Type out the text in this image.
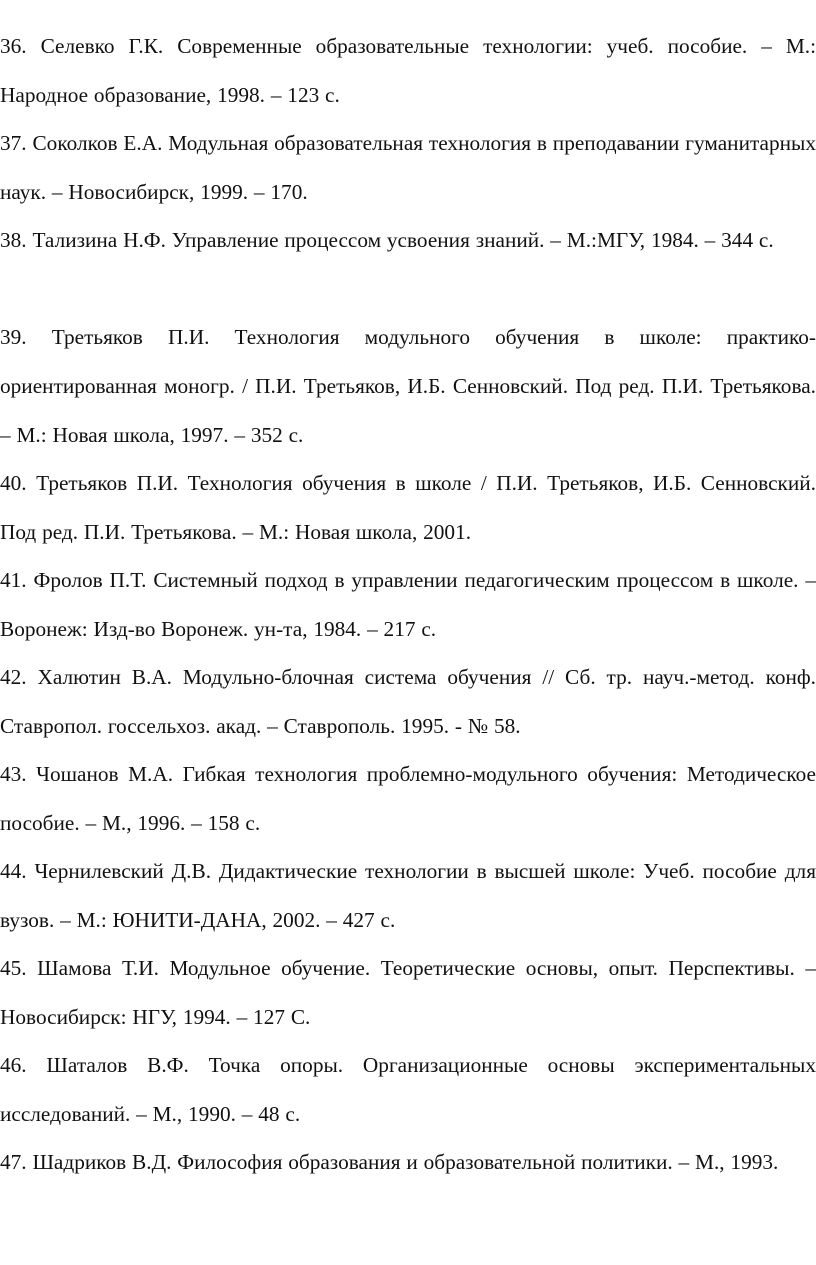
36. Селевко Г.К. Современные образовательные технологии: учеб. пособие. – М.: Народное образование, 1998. – 123 с.
37. Соколков Е.А. Модульная образовательная технология в преподавании гуманитарных наук. – Новосибирск, 1999. – 170.
38. Тализина Н.Ф. Управление процессом усвоения знаний. – М.:МГУ, 1984. – 344 с.
39. Третьяков П.И. Технология модульного обучения в школе: практико-ориентированная моногр. / П.И. Третьяков, И.Б. Сенновский. Под ред. П.И. Третьякова. – М.: Новая школа, 1997. – 352 с.
40. Третьяков П.И. Технология обучения в школе / П.И. Третьяков, И.Б. Сенновский. Под ред. П.И. Третьякова. – М.: Новая школа, 2001.
41. Фролов П.Т. Системный подход в управлении педагогическим процессом в школе. – Воронеж: Изд-во Воронеж. ун-та, 1984. – 217 с.
42. Халютин В.А. Модульно-блочная система обучения // Сб. тр. науч.-метод. конф. Ставропол. госсельхоз. акад. – Ставрополь. 1995. - № 58.
43. Чошанов М.А. Гибкая технология проблемно-модульного обучения: Методическое пособие. – М., 1996. – 158 с.
44. Чернилевский Д.В. Дидактические технологии в высшей школе: Учеб. пособие для вузов. – М.: ЮНИТИ-ДАНА, 2002. – 427 с.
45. Шамова Т.И. Модульное обучение. Теоретические основы, опыт. Перспективы. – Новосибирск: НГУ, 1994. – 127 С.
46. Шаталов В.Ф. Точка опоры. Организационные основы экспериментальных исследований. – М., 1990. – 48 с.
47. Шадриков В.Д. Философия образования и образовательной политики. – М., 1993.
